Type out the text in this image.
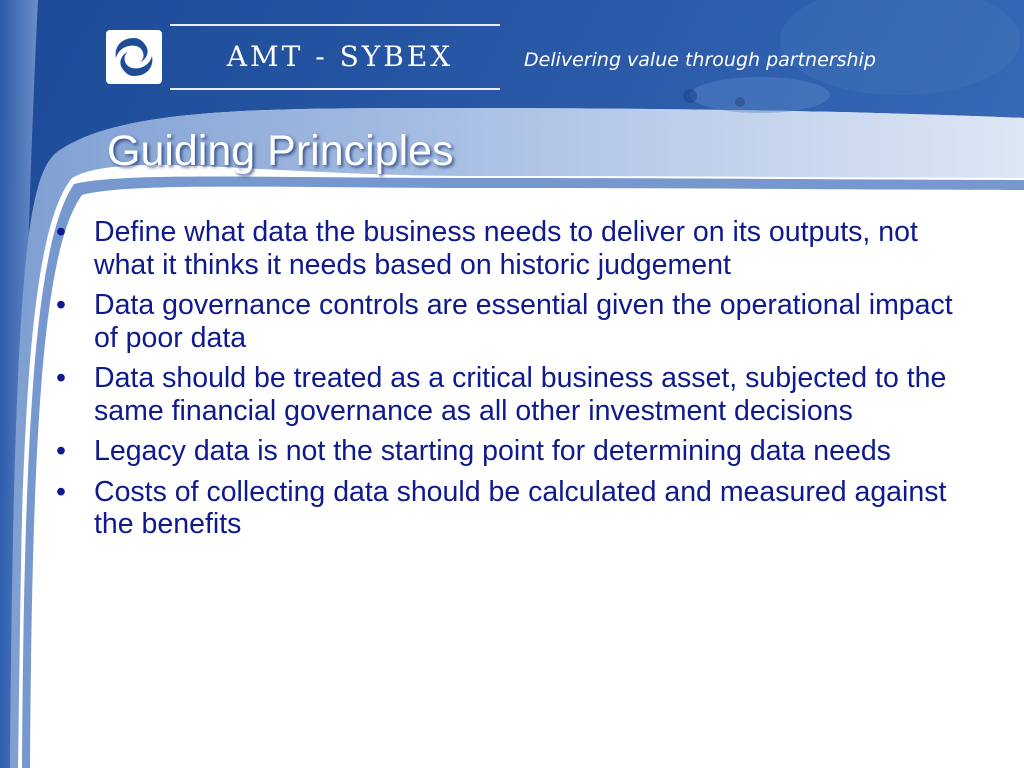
AMT - SYBEX	Delivering value through partnership
Guiding Principles
• Define what data the business needs to deliver on its outputs, not what it thinks it needs based on historic judgement
• Data governance controls are essential given the operational impact of poor data
• Data should be treated as a critical business asset, subjected to the same financial governance as all other investment decisions
• Legacy data is not the starting point for determining data needs
• Costs of collecting data should be calculated and measured against the benefits
